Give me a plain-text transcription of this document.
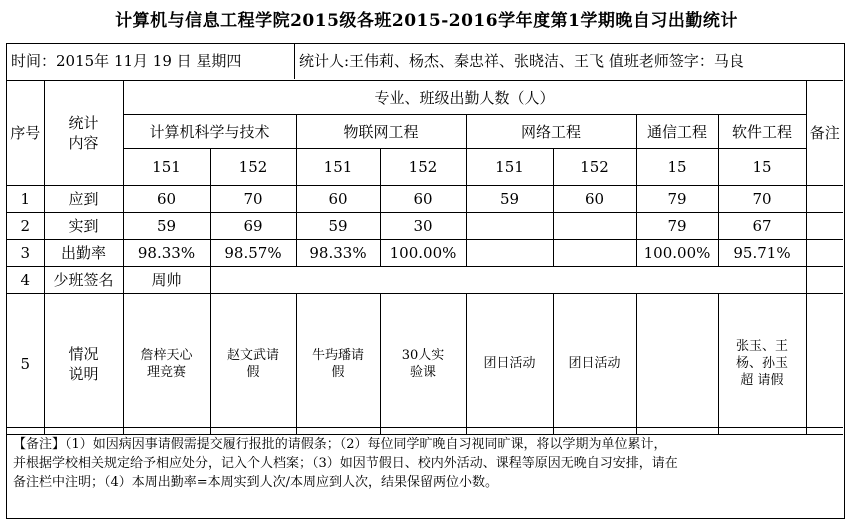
计算机与信息工程学院2015级各班2015-2016学年度第1学期晚自习出勤统计
时间：2015年 11月 19 日 星期四	统计人:王伟莉、杨杰、秦忠祥、张晓洁、王飞 值班老师签字：马良
序号	统计内容	专业、班级出勤人数（人）								备注
		计算机科学与技术		物联网工程		网络工程		通信工程	软件工程	
		151	152	151	152	151	152	15	15	
1	应到	60	70	60	60	59	60	79	70	
2	实到	59	69	59	30			79	67	
3	出勤率	98.33%	98.57%	98.33%	100.00%			100.00%	95.71%	
4	少班签名	周帅								
5	情况说明	詹梓天心理竞赛	赵文武请假	牛玙璠请假	30人实验课	团日活动	团日活动		张玉、王杨、孙玉超 请假	

【备注】（1）如因病因事请假需提交履行报批的请假条；（2）每位同学旷晚自习视同旷课，将以学期为单位累计，

并根据学校相关规定给予相应处分，记入个人档案；（3）如因节假日、校内外活动、课程等原因无晚自习安排，请在

备注栏中注明；（4）本周出勤率=本周实到人次/本周应到人次，结果保留两位小数。
